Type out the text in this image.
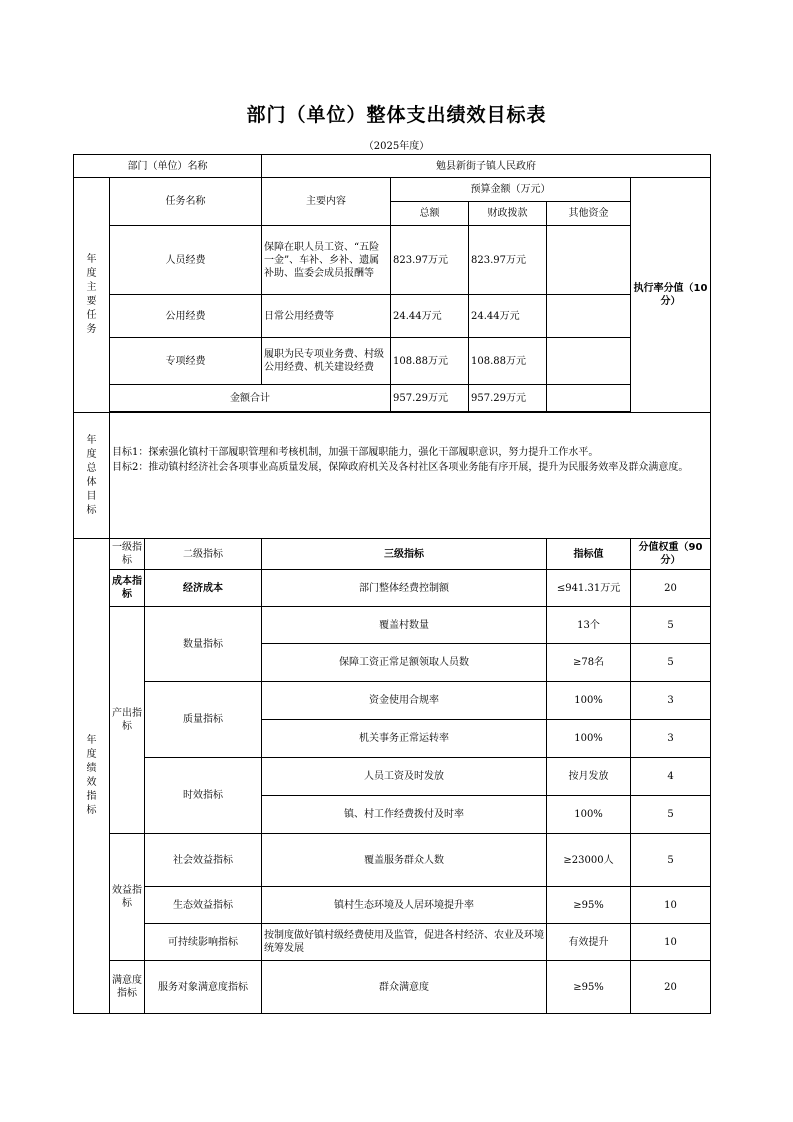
部门（单位）整体支出绩效目标表
（2025年度）
部门（单位）名称			勉县新街子镇人民政府				

年度主要任务	任务名称		主要内容	预算金额（万元）			执行率分值（10分）
				总额	财政拨款	其他资金	
	人员经费		保障在职人员工资、“五险一金”、车补、乡补、遗属补助、监委会成员报酬等	823.97万元	823.97万元		
	公用经费		日常公用经费等	24.44万元	24.44万元		
	专项经费		履职为民专项业务费、村级公用经费、机关建设经费	108.88万元	108.88万元		
	金额合计			957.29万元	957.29万元		

年度总体目标	目标1：探索强化镇村干部履职管理和考核机制，加强干部履职能力，强化干部履职意识，努力提升工作水平。
目标2：推动镇村经济社会各项事业高质量发展，保障政府机关及各村社区各项业务能有序开展，提升为民服务效率及群众满意度。						

年度绩效指标	一级指标	二级指标	三级指标			指标值	分值权重（90分）
	成本指标	经济成本	部门整体经费控制额			≤941.31万元	20
	产出指标	数量指标	覆盖村数量			13个	5
			保障工资正常足额领取人员数			≥78名	5
		质量指标	资金使用合规率			100%	3
			机关事务正常运转率			100%	3
		时效指标	人员工资及时发放			按月发放	4
			镇、村工作经费拨付及时率			100%	5
	效益指标	社会效益指标	覆盖服务群众人数			≥23000人	5
		生态效益指标	镇村生态环境及人居环境提升率			≥95%	10
		可持续影响指标	按制度做好镇村级经费使用及监管，促进各村经济、农业及环境统筹发展			有效提升	10
	满意度指标	服务对象满意度指标	群众满意度			≥95%	20
